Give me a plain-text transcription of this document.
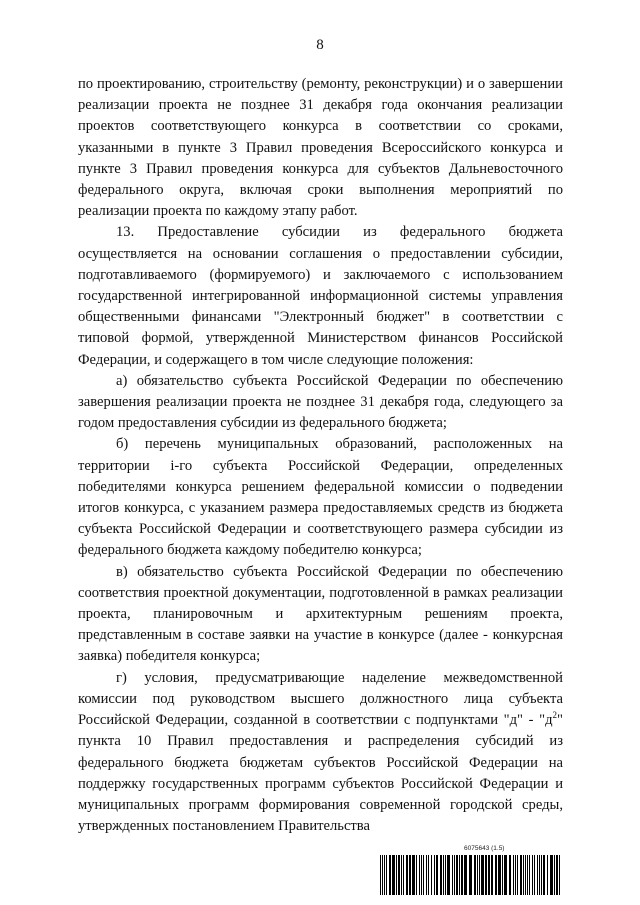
8

по проектированию, строительству (ремонту, реконструкции) и о завершении реализации проекта не позднее 31 декабря года окончания реализации проектов соответствующего конкурса в соответствии со сроками, указанными в пункте 3 Правил проведения Всероссийского конкурса и пункте 3 Правил проведения конкурса для субъектов Дальневосточного федерального округа, включая сроки выполнения мероприятий по реализации проекта по каждому этапу работ.

13. Предоставление субсидии из федерального бюджета осуществляется на основании соглашения о предоставлении субсидии, подготавливаемого (формируемого) и заключаемого с использованием государственной интегрированной информационной системы управления общественными финансами "Электронный бюджет" в соответствии с типовой формой, утвержденной Министерством финансов Российской Федерации, и содержащего в том числе следующие положения:

а) обязательство субъекта Российской Федерации по обеспечению завершения реализации проекта не позднее 31 декабря года, следующего за годом предоставления субсидии из федерального бюджета;

б) перечень муниципальных образований, расположенных на территории i-го субъекта Российской Федерации, определенных победителями конкурса решением федеральной комиссии о подведении итогов конкурса, с указанием размера предоставляемых средств из бюджета субъекта Российской Федерации и соответствующего размера субсидии из федерального бюджета каждому победителю конкурса;

в) обязательство субъекта Российской Федерации по обеспечению соответствия проектной документации, подготовленной в рамках реализации проекта, планировочным и архитектурным решениям проекта, представленным в составе заявки на участие в конкурсе (далее - конкурсная заявка) победителя конкурса;

г) условия, предусматривающие наделение межведомственной комиссии под руководством высшего должностного лица субъекта Российской Федерации, созданной в соответствии с подпунктами "д" - "$д^2$" пункта 10 Правил предоставления и распределения субсидий из федерального бюджета бюджетам субъектов Российской Федерации на поддержку государственных программ субъектов Российской Федерации и муниципальных программ формирования современной городской среды, утвержденных постановлением Правительства

6075643 (1.5)
